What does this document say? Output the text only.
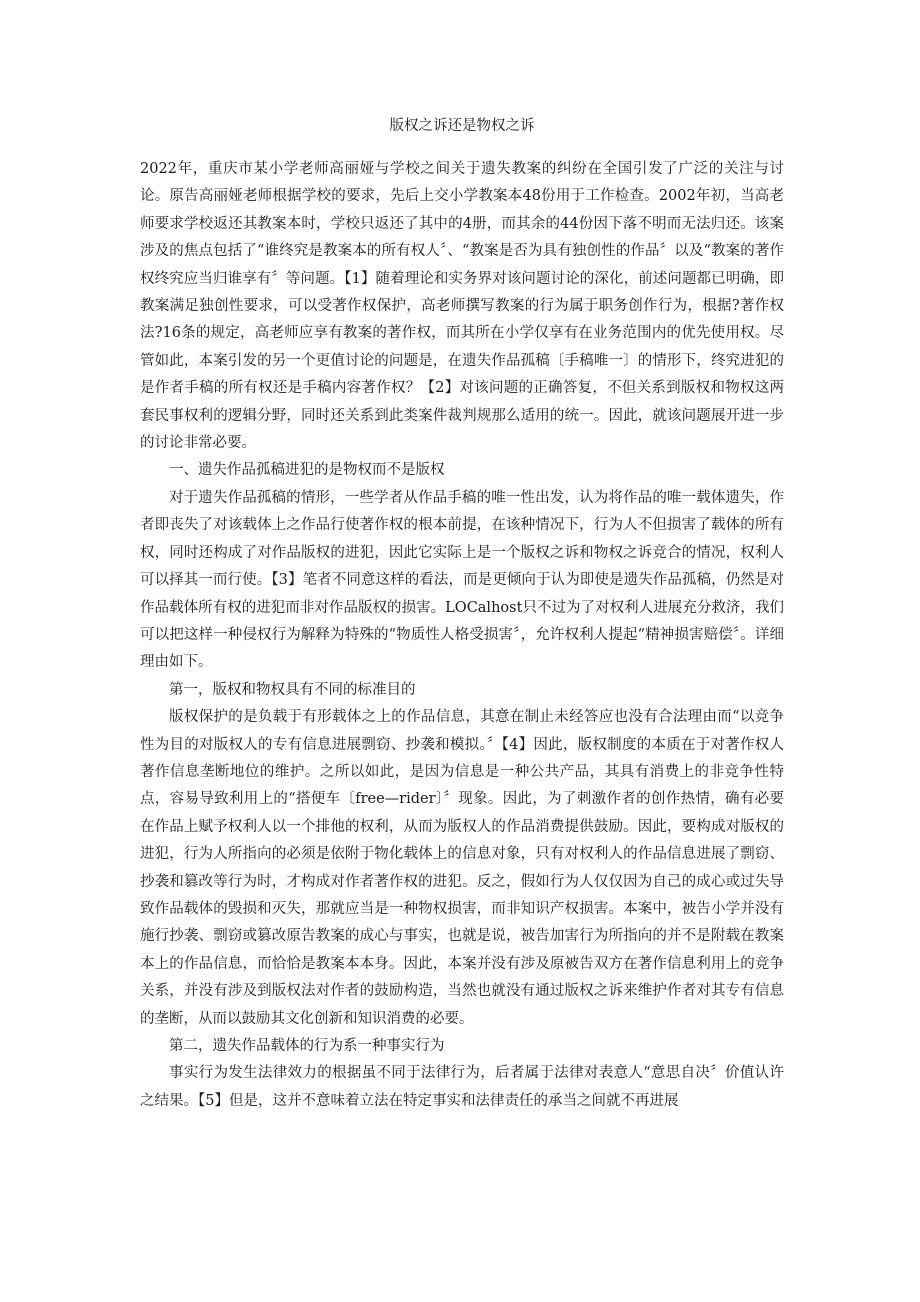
版权之诉还是物权之诉

2022年，重庆市某小学老师高丽娅与学校之间关于遗失教案的纠纷在全国引发了广泛的关注与讨论。原告高丽娅老师根据学校的要求，先后上交小学教案本48份用于工作检查。2002年初，当高老师要求学校返还其教案本时，学校只返还了其中的4册，而其余的44份因下落不明而无法归还。该案涉及的焦点包括了“谁终究是教案本的所有权人〞、“教案是否为具有独创性的作品〞以及“教案的著作权终究应当归谁享有〞等问题。【1】随着理论和实务界对该问题讨论的深化，前述问题都已明确，即教案满足独创性要求，可以受著作权保护，高老师撰写教案的行为属于职务创作行为，根据?著作权法?16条的规定，高老师应享有教案的著作权，而其所在小学仅享有在业务范围内的优先使用权。尽管如此，本案引发的另一个更值讨论的问题是，在遗失作品孤稿〔手稿唯一〕的情形下，终究进犯的是作者手稿的所有权还是手稿内容著作权？【2】对该问题的正确答复，不但关系到版权和物权这两套民事权利的逻辑分野，同时还关系到此类案件裁判规那么适用的统一。因此，就该问题展开进一步的讨论非常必要。

一、遗失作品孤稿进犯的是物权而不是版权

对于遗失作品孤稿的情形，一些学者从作品手稿的唯一性出发，认为将作品的唯一载体遗失，作者即丧失了对该载体上之作品行使著作权的根本前提，在该种情况下，行为人不但损害了载体的所有权，同时还构成了对作品版权的进犯，因此它实际上是一个版权之诉和物权之诉竞合的情况，权利人可以择其一而行使。【3】笔者不同意这样的看法，而是更倾向于认为即使是遗失作品孤稿，仍然是对作品载体所有权的进犯而非对作品版权的损害。LOCalhost只不过为了对权利人进展充分救济，我们可以把这样一种侵权行为解释为特殊的“物质性人格受损害〞，允许权利人提起“精神损害赔偿〞。详细理由如下。

第一，版权和物权具有不同的标准目的

版权保护的是负载于有形载体之上的作品信息，其意在制止未经答应也没有合法理由而“以竞争性为目的对版权人的专有信息进展剽窃、抄袭和模拟。〞【4】因此，版权制度的本质在于对著作权人著作信息垄断地位的维护。之所以如此，是因为信息是一种公共产品，其具有消费上的非竞争性特点，容易导致利用上的“搭便车〔free—rider〕〞现象。因此，为了刺激作者的创作热情，确有必要在作品上赋予权利人以一个排他的权利，从而为版权人的作品消费提供鼓励。因此，要构成对版权的进犯，行为人所指向的必须是依附于物化载体上的信息对象，只有对权利人的作品信息进展了剽窃、抄袭和篡改等行为时，才构成对作者著作权的进犯。反之，假如行为人仅仅因为自己的成心或过失导致作品载体的毁损和灭失，那就应当是一种物权损害，而非知识产权损害。本案中，被告小学并没有施行抄袭、剽窃或篡改原告教案的成心与事实，也就是说，被告加害行为所指向的并不是附载在教案本上的作品信息，而恰恰是教案本本身。因此，本案并没有涉及原被告双方在著作信息利用上的竞争关系，并没有涉及到版权法对作者的鼓励构造，当然也就没有通过版权之诉来维护作者对其专有信息的垄断，从而以鼓励其文化创新和知识消费的必要。

第二，遗失作品载体的行为系一种事实行为

事实行为发生法律效力的根据虽不同于法律行为，后者属于法律对表意人“意思自决〞价值认许之结果。【5】但是，这并不意味着立法在特定事实和法律责任的承当之间就不再进展
